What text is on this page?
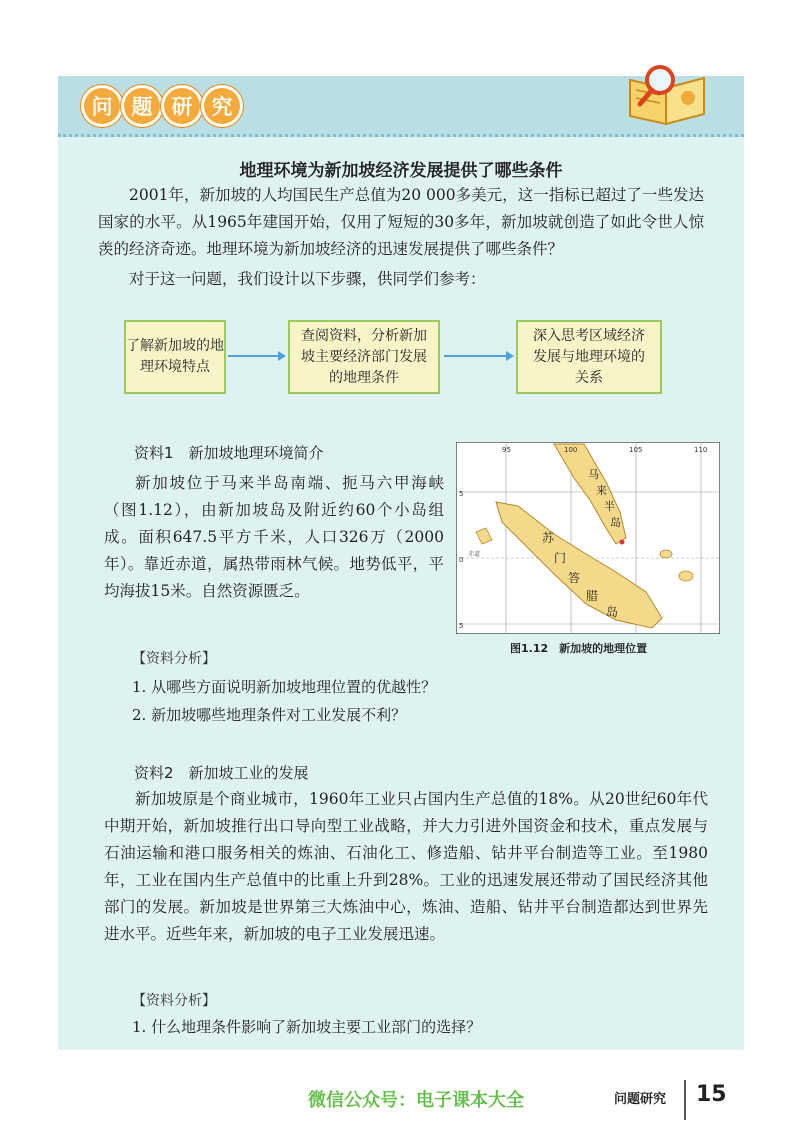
问 题 研 究
地理环境为新加坡经济发展提供了哪些条件

2001年，新加坡的人均国民生产总值为20 000多美元，这一指标已超过了一些发达国家的水平。从1965年建国开始，仅用了短短的30多年，新加坡就创造了如此令世人惊羡的经济奇迹。地理环境为新加坡经济的迅速发展提供了哪些条件？

对于这一问题，我们设计以下步骤，供同学们参考：

了解新加坡的地理环境特点
查阅资料，分析新加坡主要经济部门发展的地理条件
深入思考区域经济发展与地理环境的关系
资料1　新加坡地理环境简介

新加坡位于马来半岛南端、扼马六甲海峡（图1.12），由新加坡岛及附近约60个小岛组成。面积647.5平方千米，人口326万（2000年）。靠近赤道，属热带雨林气候。地势低平，平均海拔15米。自然资源匮乏。

95	100	105	110
5
0
5
马
来
半
岛
苏
门
答
腊
岛
赤道
图1.12　新加坡的地理位置
【资料分析】
1. 从哪些方面说明新加坡地理位置的优越性？
2. 新加坡哪些地理条件对工业发展不利？
资料2　新加坡工业的发展

新加坡原是个商业城市，1960年工业只占国内生产总值的18%。从20世纪60年代中期开始，新加坡推行出口导向型工业战略，并大力引进外国资金和技术，重点发展与石油运输和港口服务相关的炼油、石油化工、修造船、钻井平台制造等工业。至1980年，工业在国内生产总值中的比重上升到28%。工业的迅速发展还带动了国民经济其他部门的发展。新加坡是世界第三大炼油中心，炼油、造船、钻井平台制造都达到世界先进水平。近些年来，新加坡的电子工业发展迅速。

【资料分析】
1. 什么地理条件影响了新加坡主要工业部门的选择？
微信公众号：电子课本大全	问题研究 15
